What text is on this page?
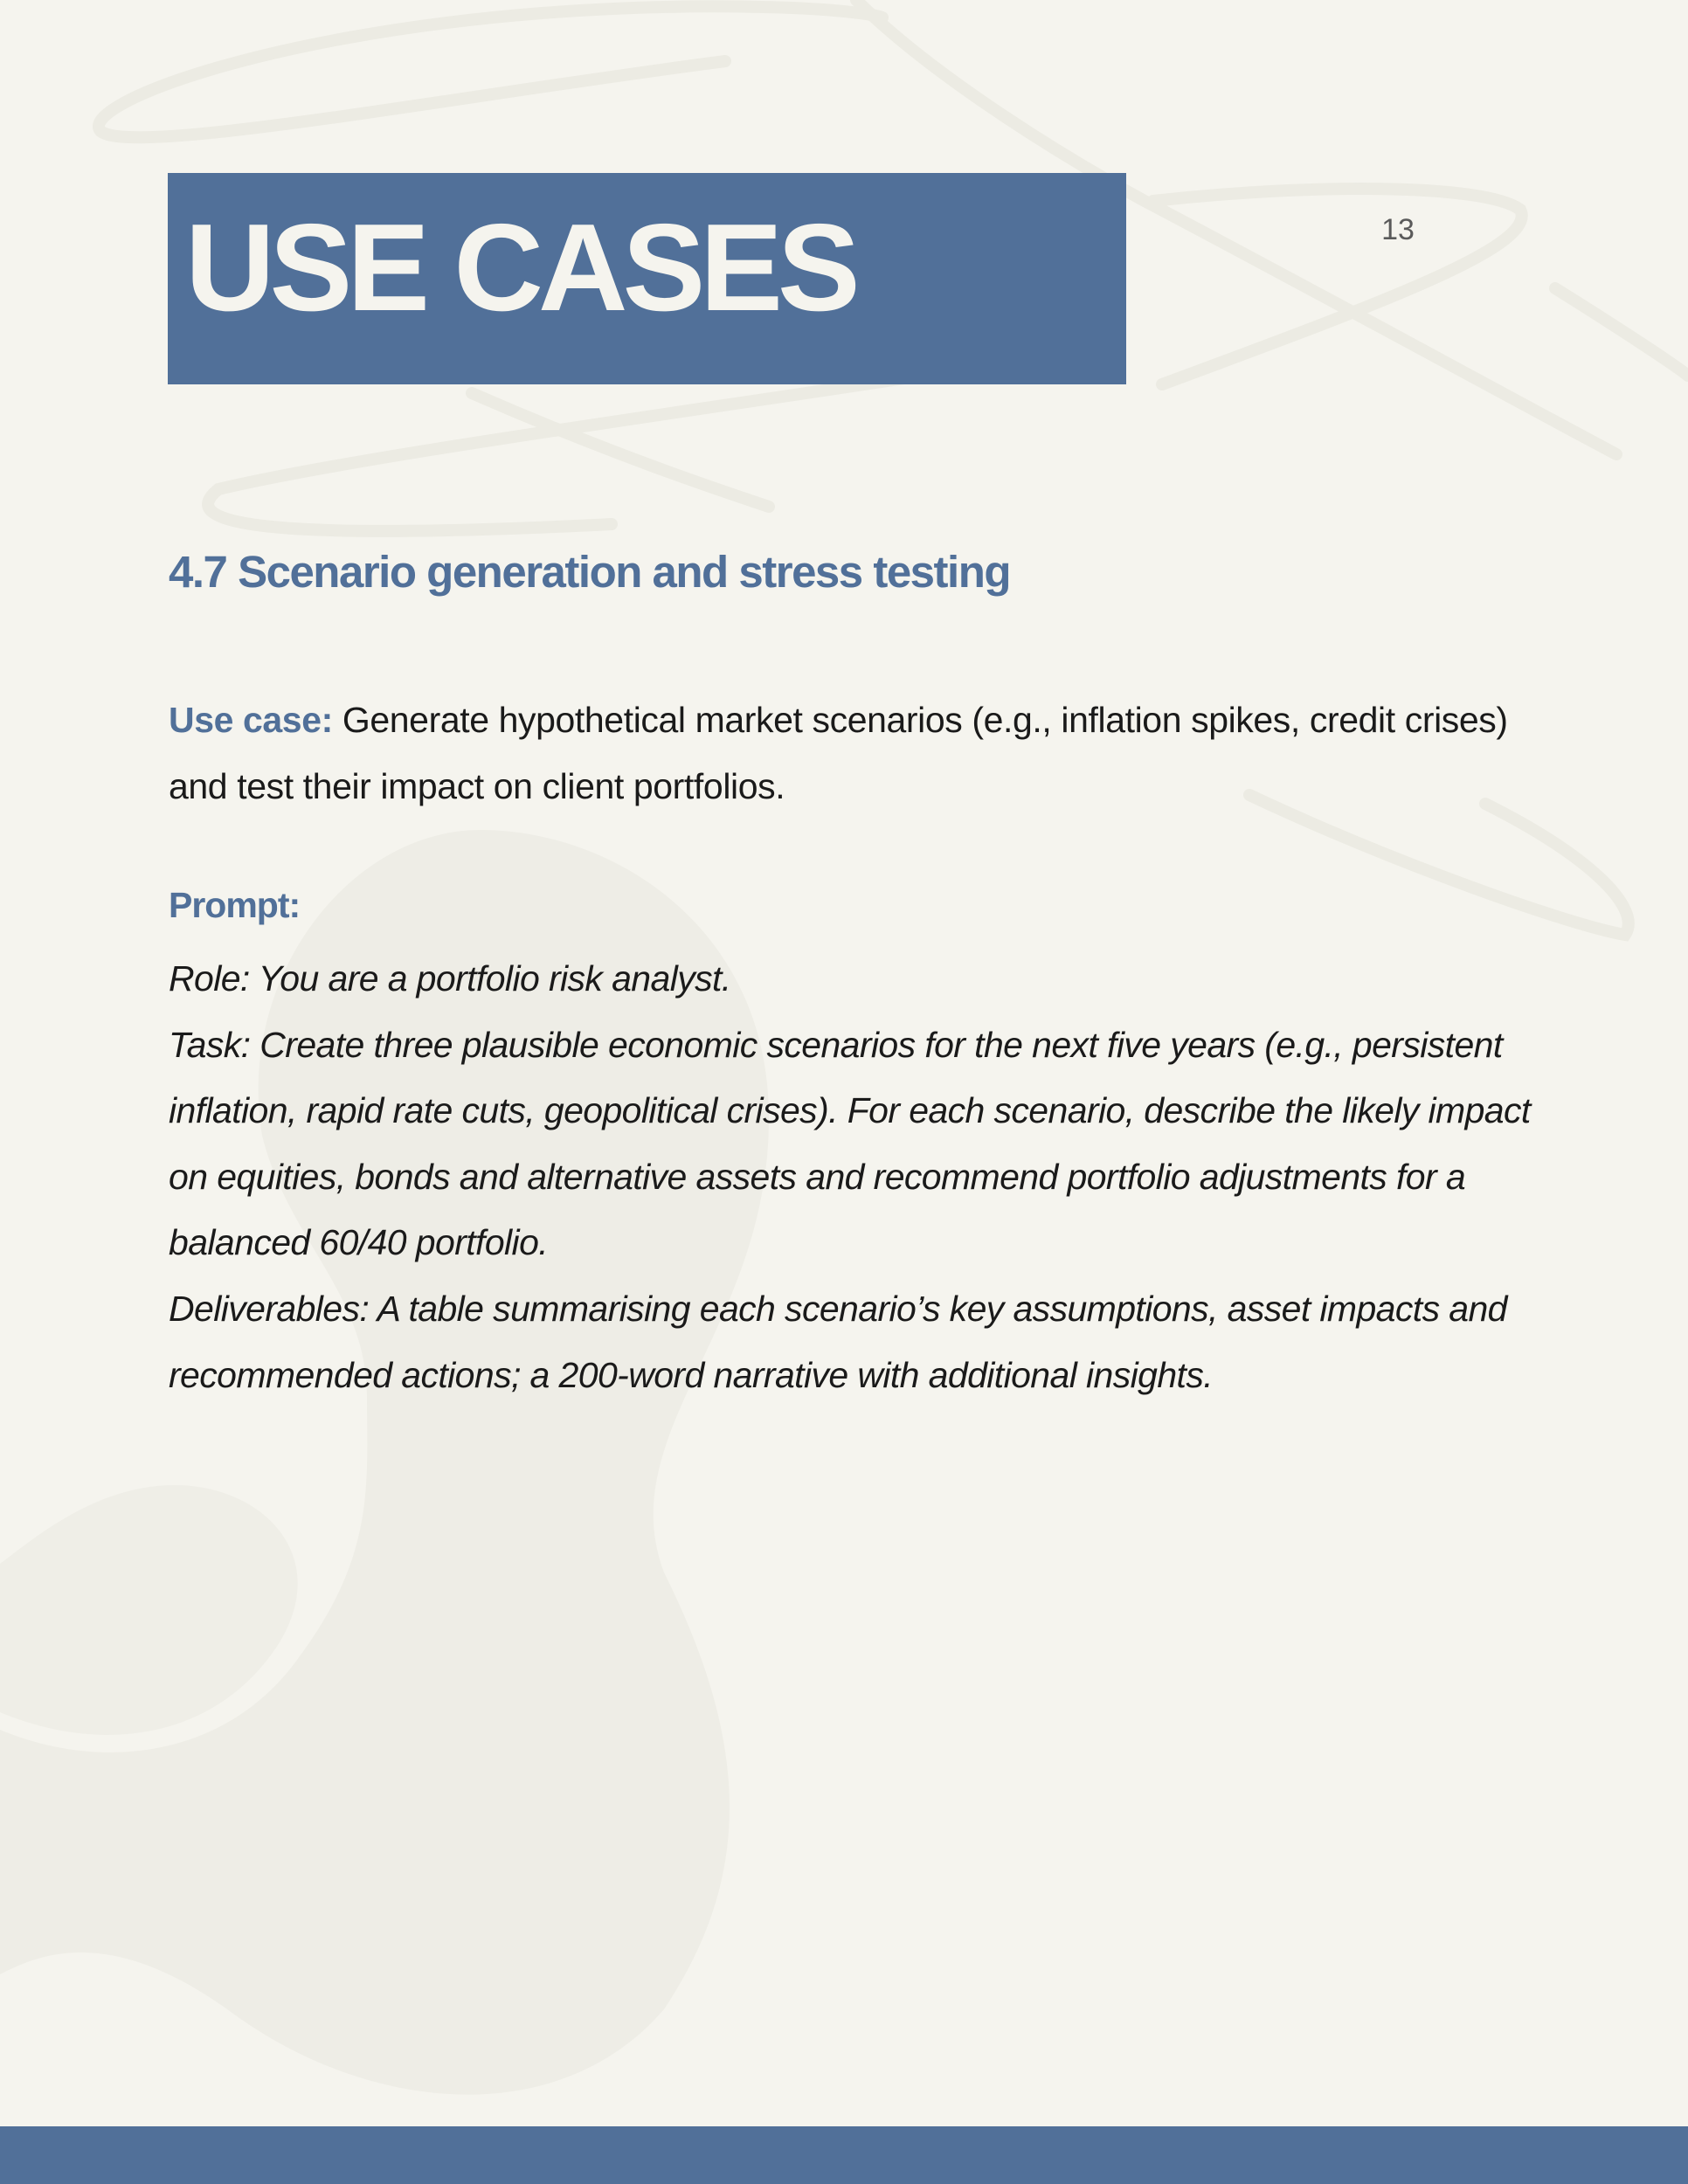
USE CASES	13
4.7 Scenario generation and stress testing

Use case: Generate hypothetical market scenarios (e.g., inflation spikes, credit crises) and test their impact on client portfolios.

Prompt:

Role: You are a portfolio risk analyst.

Task: Create three plausible economic scenarios for the next five years (e.g., persistent inflation, rapid rate cuts, geopolitical crises). For each scenario, describe the likely impact on equities, bonds and alternative assets and recommend portfolio adjustments for a balanced 60/40 portfolio.

Deliverables: A table summarising each scenario’s key assumptions, asset impacts and recommended actions; a 200-word narrative with additional insights.
